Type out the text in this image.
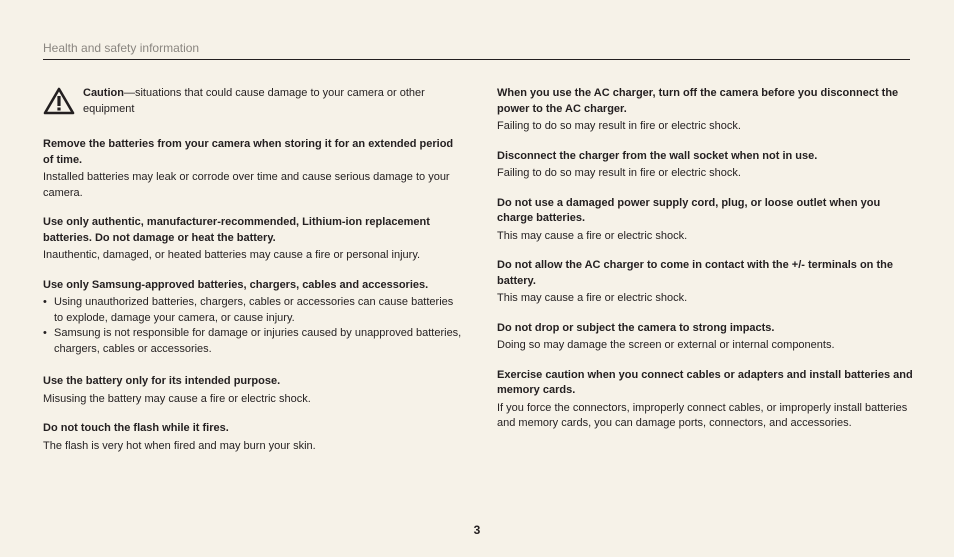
Health and safety information
Caution—situations that could cause damage to your camera or other equipment

Remove the batteries from your camera when storing it for an extended period of time.

Installed batteries may leak or corrode over time and cause serious damage to your camera.

Use only authentic, manufacturer-recommended, Lithium-ion replacement batteries. Do not damage or heat the battery.

Inauthentic, damaged, or heated batteries may cause a fire or personal injury.

Use only Samsung-approved batteries, chargers, cables and accessories.

• Using unauthorized batteries, chargers, cables or accessories can cause batteries to explode, damage your camera, or cause injury.
• Samsung is not responsible for damage or injuries caused by unapproved batteries, chargers, cables or accessories.

Use the battery only for its intended purpose.

Misusing the battery may cause a fire or electric shock.

Do not touch the flash while it fires.

The flash is very hot when fired and may burn your skin.

When you use the AC charger, turn off the camera before you disconnect the power to the AC charger.

Failing to do so may result in fire or electric shock.

Disconnect the charger from the wall socket when not in use.

Failing to do so may result in fire or electric shock.

Do not use a damaged power supply cord, plug, or loose outlet when you charge batteries.

This may cause a fire or electric shock.

Do not allow the AC charger to come in contact with the +/- terminals on the battery.

This may cause a fire or electric shock.

Do not drop or subject the camera to strong impacts.

Doing so may damage the screen or external or internal components.

Exercise caution when you connect cables or adapters and install batteries and memory cards.

If you force the connectors, improperly connect cables, or improperly install batteries and memory cards, you can damage ports, connectors, and accessories.

3
